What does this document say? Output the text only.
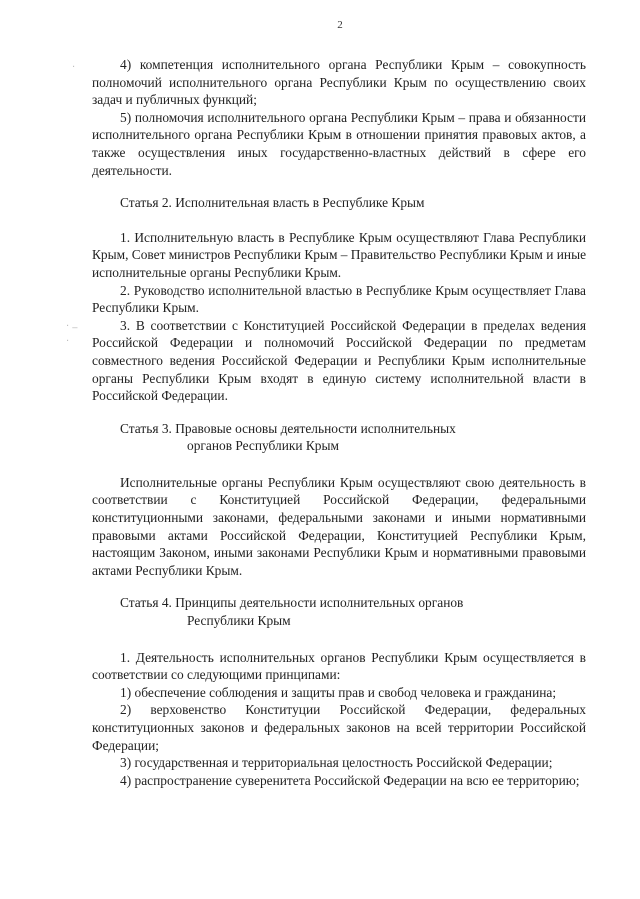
2
·
. _
·

4) компетенция исполнительного органа Республики Крым – совокупность полномочий исполнительного органа Республики Крым по осуществлению своих задач и публичных функций;

5) полномочия исполнительного органа Республики Крым – права и обязанности исполнительного органа Республики Крым в отношении принятия правовых актов, а также осуществления иных государственно-властных действий в сфере его деятельности.

Статья 2. Исполнительная власть в Республике Крым

1. Исполнительную власть в Республике Крым осуществляют Глава Республики Крым, Совет министров Республики Крым – Правительство Республики Крым и иные исполнительные органы Республики Крым.

2. Руководство исполнительной властью в Республике Крым осуществляет Глава Республики Крым.

3. В соответствии с Конституцией Российской Федерации в пределах ведения Российской Федерации и полномочий Российской Федерации по предметам совместного ведения Российской Федерации и Республики Крым исполнительные органы Республики Крым входят в единую систему исполнительной власти в Российской Федерации.

Статья 3. Правовые основы деятельности исполнительных

органов Республики Крым

Исполнительные органы Республики Крым осуществляют свою деятельность в соответствии с Конституцией Российской Федерации, федеральными конституционными законами, федеральными законами и иными нормативными правовыми актами Российской Федерации, Конституцией Республики Крым, настоящим Законом, иными законами Республики Крым и нормативными правовыми актами Республики Крым.

Статья 4. Принципы деятельности исполнительных органов

Республики Крым

1. Деятельность исполнительных органов Республики Крым осуществляется в соответствии со следующими принципами:

1) обеспечение соблюдения и защиты прав и свобод человека и гражданина;

2) верховенство Конституции Российской Федерации, федеральных конституционных законов и федеральных законов на всей территории Российской Федерации;

3) государственная и территориальная целостность Российской Федерации;

4) распространение суверенитета Российской Федерации на всю ее территорию;
